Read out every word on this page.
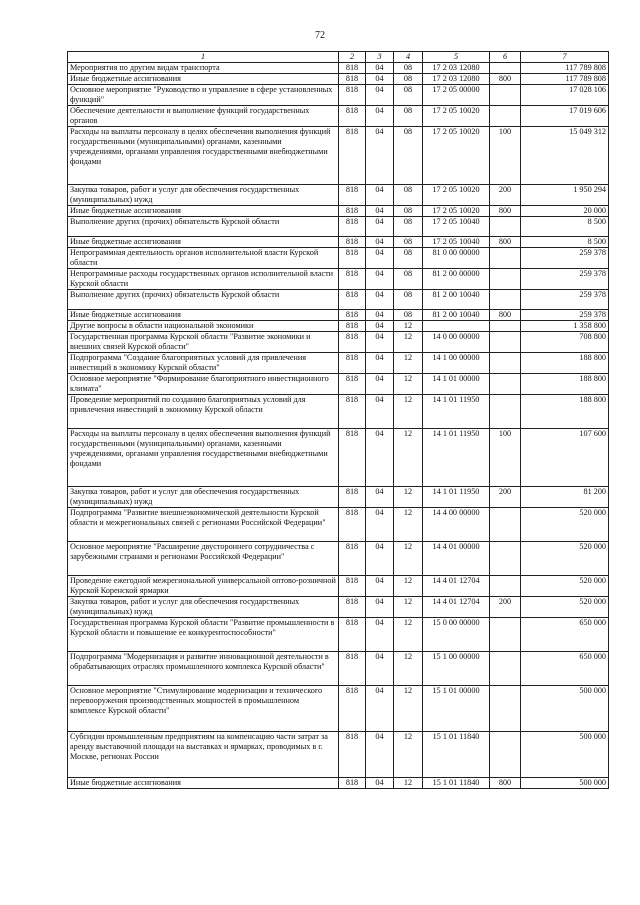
72
1	2	3	4	5	6	7
Мероприятия по другим видам транспорта	818	04	08	17 2 03 12080		117 789 808
Иные бюджетные ассигнования	818	04	08	17 2 03 12080	800	117 789 808
Основное мероприятие "Руководство и управление в сфере установленных функций"	818	04	08	17 2 05 00000		17 028 106
Обеспечение деятельности и выполнение функций государственных органов	818	04	08	17 2 05 10020		17 019 606
Расходы на выплаты персоналу в целях обеспечения выполнения функций государственными (муниципальными) органами, казенными учреждениями, органами управления государственными внебюджетными фондами	818	04	08	17 2 05 10020	100	15 049 312
Закупка товаров, работ и услуг для обеспечения государственных (муниципальных) нужд	818	04	08	17 2 05 10020	200	1 950 294
Иные бюджетные ассигнования	818	04	08	17 2 05 10020	800	20 000
Выполнение других (прочих) обязательств Курской области	818	04	08	17 2 05 10040		8 500
Иные бюджетные ассигнования	818	04	08	17 2 05 10040	800	8 500
Непрограммная деятельность органов исполнительной власти Курской области	818	04	08	81 0 00 00000		259 378
Непрограммные расходы государственных органов исполнительной власти Курской области	818	04	08	81 2 00 00000		259 378
Выполнение других (прочих) обязательств Курской области	818	04	08	81 2 00 10040		259 378
Иные бюджетные ассигнования	818	04	08	81 2 00 10040	800	259 378
Другие вопросы в области национальной экономики	818	04	12			1 358 800
Государственная программа Курской области "Развитие экономики и внешних связей Курской области"	818	04	12	14 0 00 00000		708 800
Подпрограмма "Создание благоприятных условий для привлечения инвестиций в экономику Курской области"	818	04	12	14 1 00 00000		188 800
Основное мероприятие "Формирование благоприятного инвестиционного климата"	818	04	12	14 1 01 00000		188 800
Проведение мероприятий по созданию благоприятных условий для привлечения инвестиций в экономику Курской области	818	04	12	14 1 01 11950		188 800
Расходы на выплаты персоналу в целях обеспечения выполнения функций государственными (муниципальными) органами, казенными учреждениями, органами управления государственными внебюджетными фондами	818	04	12	14 1 01 11950	100	107 600
Закупка товаров, работ и услуг для обеспечения государственных (муниципальных) нужд	818	04	12	14 1 01 11950	200	81 200
Подпрограмма "Развитие внешнеэкономической деятельности Курской области и межрегиональных связей с регионами Российской Федерации"	818	04	12	14 4 00 00000		520 000
Основное мероприятие "Расширение двустороннего сотрудничества с зарубежными странами и регионами Российской Федерации"	818	04	12	14 4 01 00000		520 000
Проведение ежегодной межрегиональной универсальной оптово-розничной Курской Коренской ярмарки	818	04	12	14 4 01 12704		520 000
Закупка товаров, работ и услуг для обеспечения государственных (муниципальных) нужд	818	04	12	14 4 01 12704	200	520 000
Государственная программа Курской области "Развитие промышленности в Курской области и повышение ее конкурентоспособности"	818	04	12	15 0 00 00000		650 000
Подпрограмма "Модернизация и развитие инновационной деятельности в обрабатывающих отраслях промышленного комплекса Курской области"	818	04	12	15 1 00 00000		650 000
Основное мероприятие "Стимулирование модернизации и технического перевооружения производственных мощностей в промышленном комплексе Курской области"	818	04	12	15 1 01 00000		500 000
Субсидии промышленным предприятиям на компенсацию части затрат за аренду выставочной площади на выставках и ярмарках, проводимых в г. Москве, регионах России	818	04	12	15 1 01 11840		500 000
Иные бюджетные ассигнования	818	04	12	15 1 01 11840	800	500 000
